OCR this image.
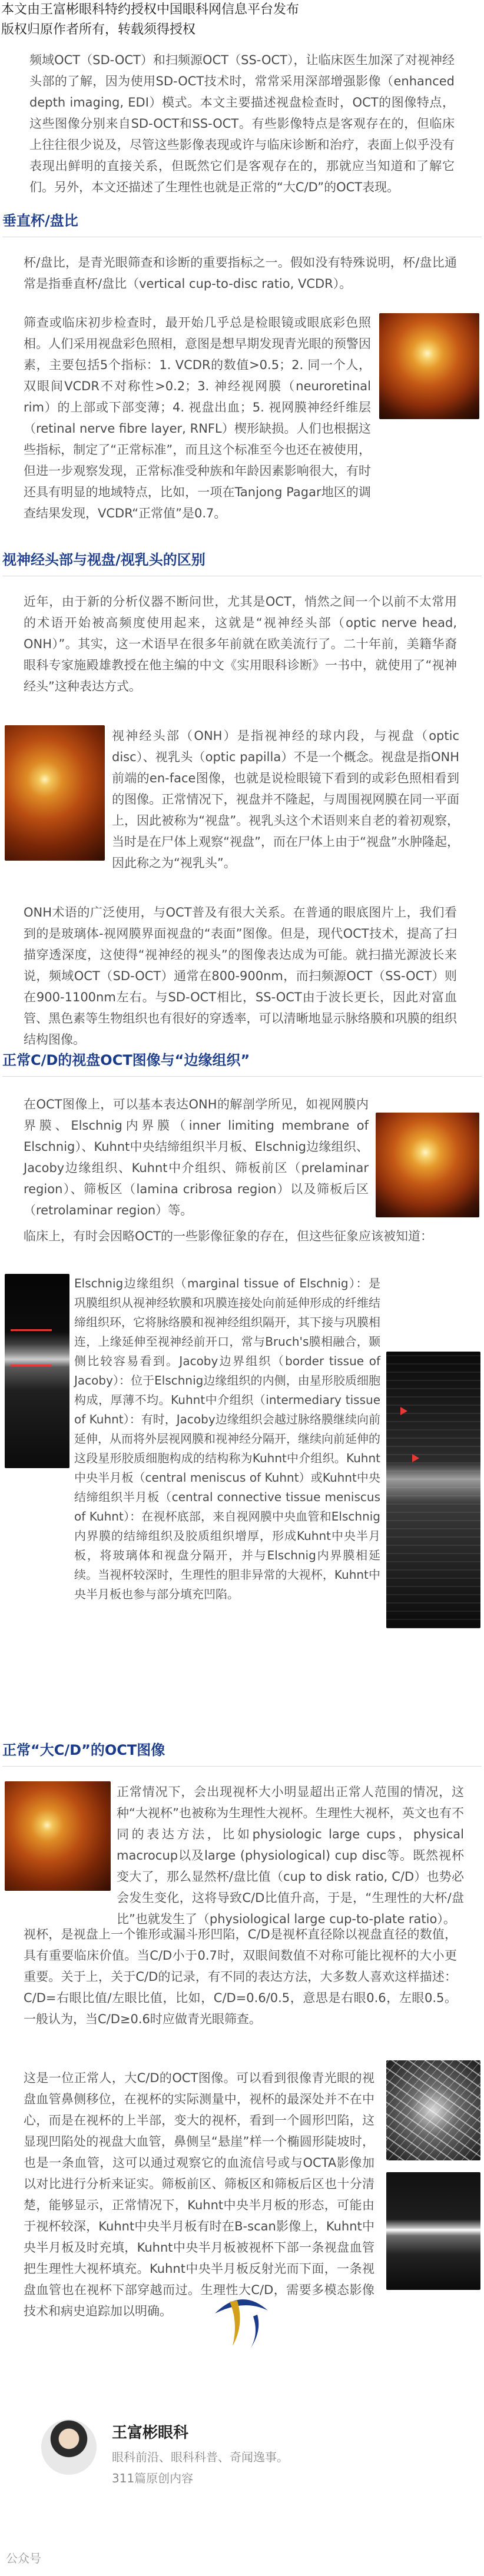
本文由王富彬眼科特约授权中国眼科网信息平台发布
版权归原作者所有，转载须得授权
频域OCT（SD-OCT）和扫频源OCT（SS-OCT），让临床医生加深了对视神经头部的了解，因为使用SD-OCT技术时，常常采用深部增强影像（enhanced depth imaging, EDI）模式。本文主要描述视盘检查时，OCT的图像特点，这些图像分别来自SD-OCT和SS-OCT。有些影像特点是客观存在的，但临床上往往很少说及，尽管这些影像表现或许与临床诊断和治疗，表面上似乎没有表现出鲜明的直接关系，但既然它们是客观存在的，那就应当知道和了解它们。另外，本文还描述了生理性也就是正常的“大C/D”的OCT表现。
垂直杯/盘比
杯/盘比，是青光眼筛查和诊断的重要指标之一。假如没有特殊说明，杯/盘比通常是指垂直杯/盘比（vertical cup-to-disc ratio, VCDR）。
筛查或临床初步检查时，最开始几乎总是检眼镜或眼底彩色照相。人们采用视盘彩色照相，意图是想早期发现青光眼的预警因素，主要包括5个指标：1. VCDR的数值>0.5；2. 同一个人，双眼间VCDR不对称性>0.2；3. 神经视网膜（neuroretinal rim）的上部或下部变薄；4. 视盘出血；5. 视网膜神经纤维层（retinal nerve fibre layer, RNFL）楔形缺损。人们也根据这些指标，制定了“正常标准”，而且这个标准至今也还在被使用，但进一步观察发现，正常标准受种族和年龄因素影响很大，有时还具有明显的地域特点，比如，一项在Tanjong Pagar地区的调查结果发现，VCDR“正常值”是0.7。
视神经头部与视盘/视乳头的区别
近年，由于新的分析仪器不断问世，尤其是OCT，悄然之间一个以前不太常用的术语开始被高频度使用起来，这就是“视神经头部（optic nerve head, ONH）”。其实，这一术语早在很多年前就在欧美流行了。二十年前，美籍华裔眼科专家施殿雄教授在他主编的中文《实用眼科诊断》一书中，就使用了“视神经头”这种表达方式。
视神经头部（ONH）是指视神经的球内段，与视盘（optic disc）、视乳头（optic papilla）不是一个概念。视盘是指ONH前端的en-face图像，也就是说检眼镜下看到的或彩色照相看到的图像。正常情况下，视盘并不隆起，与周围视网膜在同一平面上，因此被称为“视盘”。视乳头这个术语则来自老的着初观察，当时是在尸体上观察“视盘”，而在尸体上由于“视盘”水肿隆起，因此称之为“视乳头”。
ONH术语的广泛使用，与OCT普及有很大关系。在普通的眼底图片上，我们看到的是玻璃体-视网膜界面视盘的“表面”图像。但是，现代OCT技术，提高了扫描穿透深度，这使得“视神经的视头”的图像表达成为可能。就扫描光源波长来说，频域OCT（SD-OCT）通常在800-900nm，而扫频源OCT（SS-OCT）则在900-1100nm左右。与SD-OCT相比，SS-OCT由于波长更长，因此对富血管、黑色素等生物组织也有很好的穿透率，可以清晰地显示脉络膜和巩膜的组织结构图像。
正常C/D的视盘OCT图像与“边缘组织”
在OCT图像上，可以基本表达ONH的解剖学所见，如视网膜内界膜、Elschnig内界膜（inner limiting membrane of Elschnig）、Kuhnt中央结缔组织半月板、Elschnig边缘组织、Jacoby边缘组织、Kuhnt中介组织、筛板前区（prelaminar region）、筛板区（lamina cribrosa region）以及筛板后区（retrolaminar region）等。
临床上，有时会因略OCT的一些影像征象的存在，但这些征象应该被知道：
Elschnig边缘组织（marginal tissue of Elschnig）：是巩膜组织从视神经软膜和巩膜连接处向前延伸形成的纤维结缔组织环，它将脉络膜和视神经组织隔开，其下接与巩膜相连，上缘延伸至视神经前开口，常与Bruch's膜相融合，颞侧比较容易看到。Jacoby边界组织（border tissue of Jacoby）：位于Elschnig边缘组织的内侧，由星形胶质细胞构成，厚薄不均。Kuhnt中介组织（intermediary tissue of Kuhnt）：有时，Jacoby边缘组织会越过脉络膜继续向前延伸，从而将外层视网膜和视神经分隔开，继续向前延伸的这段星形胶质细胞构成的结构称为Kuhnt中介组织。Kuhnt中央半月板（central meniscus of Kuhnt）或Kuhnt中央结缔组织半月板（central connective tissue meniscus of Kuhnt）：在视杯底部，来自视网膜中央血管和Elschnig内界膜的结缔组织及胶质组织增厚，形成Kuhnt中央半月板，将玻璃体和视盘分隔开，并与Elschnig内界膜相延续。当视杯较深时，生理性的胆非异常的大视杯，Kuhnt中央半月板也参与部分填充凹陷。
正常“大C/D”的OCT图像
正常情况下，会出现视杯大小明显超出正常人范围的情况，这种“大视杯”也被称为生理性大视杯。生理性大视杯，英文也有不同的表达方法，比如physiologic large cups，physical macrocup以及large (physiological) cup disc等。既然视杯变大了，那么显然杯/盘比值（cup to disk ratio, C/D）也势必会发生变化，这将导致C/D比值升高，于是，“生理性的大杯/盘比”也就发生了（physiological large cup-to-plate ratio）。
视杯，是视盘上一个锥形或漏斗形凹陷，C/D是视杯直径除以视盘直径的数值，具有重要临床价值。当C/D小于0.7时，双眼间数值不对称可能比视杯的大小更重要。关于上，关于C/D的记录，有不同的表达方法，大多数人喜欢这样描述：C/D=右眼比值/左眼比值，比如，C/D=0.6/0.5，意思是右眼0.6，左眼0.5。一般认为，当C/D≥0.6时应做青光眼筛查。
这是一位正常人，大C/D的OCT图像。可以看到很像青光眼的视盘血管鼻侧移位，在视杯的实际测量中，视杯的最深处并不在中心，而是在视杯的上半部，变大的视杯，看到一个圆形凹陷，这显现凹陷处的视盘大血管，鼻侧呈“悬崖”样一个椭圆形陡坡时，也是一条血管，这可以通过观察它的血流信号或与OCTA影像加以对比进行分析来证实。筛板前区、筛板区和筛板后区也十分清楚，能够显示，正常情况下，Kuhnt中央半月板的形态，可能由于视杯较深，Kuhnt中央半月板有时在B-scan影像上，Kuhnt中央半月板及时充填，Kuhnt中央半月板被视杯下部一条视盘血管把生理性大视杯填充。Kuhnt中央半月板反射光而下面，一条视盘血管也在视杯下部穿越而过。生理性大C/D，需要多模态影像技术和病史追踪加以明确。
王富彬眼科
眼科前沿、眼科科普、奇闻逸事。
311篇原创内容
公众号
